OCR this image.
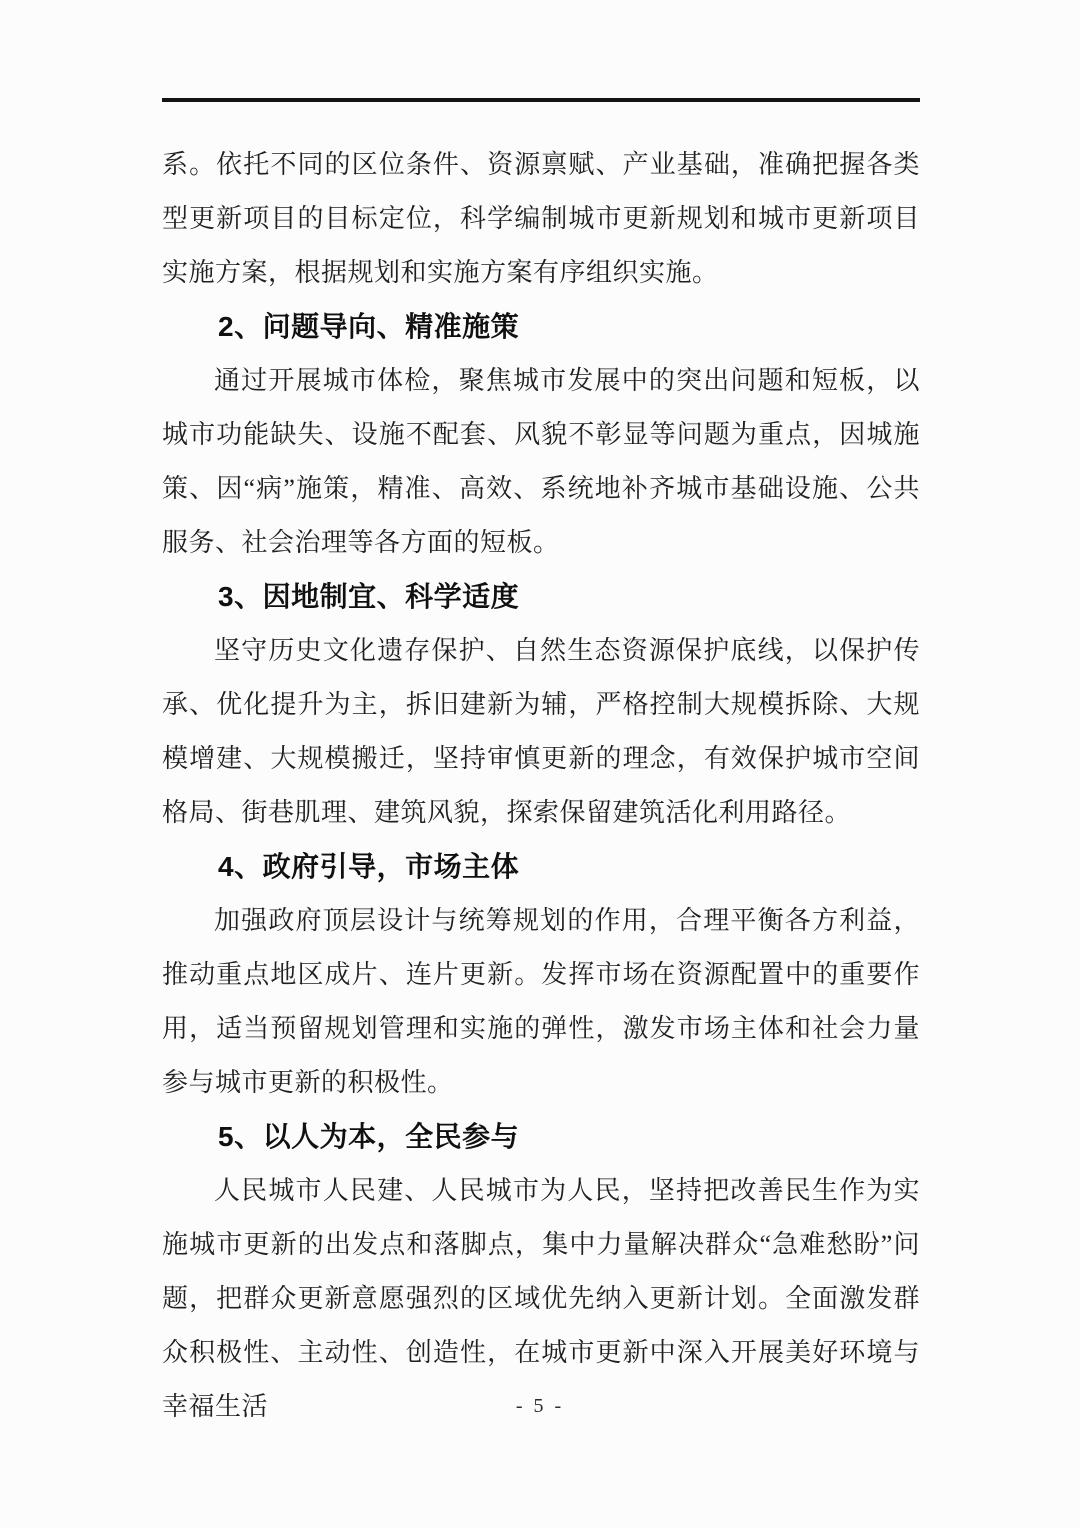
系。依托不同的区位条件、资源禀赋、产业基础，准确把握各类型更新项目的目标定位，科学编制城市更新规划和城市更新项目实施方案，根据规划和实施方案有序组织实施。

2、问题导向、精准施策

通过开展城市体检，聚焦城市发展中的突出问题和短板，以城市功能缺失、设施不配套、风貌不彰显等问题为重点，因城施策、因“病”施策，精准、高效、系统地补齐城市基础设施、公共服务、社会治理等各方面的短板。

3、因地制宜、科学适度

坚守历史文化遗存保护、自然生态资源保护底线，以保护传承、优化提升为主，拆旧建新为辅，严格控制大规模拆除、大规模增建、大规模搬迁，坚持审慎更新的理念，有效保护城市空间格局、街巷肌理、建筑风貌，探索保留建筑活化利用路径。

4、政府引导，市场主体

加强政府顶层设计与统筹规划的作用，合理平衡各方利益，推动重点地区成片、连片更新。发挥市场在资源配置中的重要作用，适当预留规划管理和实施的弹性，激发市场主体和社会力量参与城市更新的积极性。

5、以人为本，全民参与

人民城市人民建、人民城市为人民，坚持把改善民生作为实施城市更新的出发点和落脚点，集中力量解决群众“急难愁盼”问题，把群众更新意愿强烈的区域优先纳入更新计划。全面激发群众积极性、主动性、创造性，在城市更新中深入开展美好环境与幸福生活	- 5 -
